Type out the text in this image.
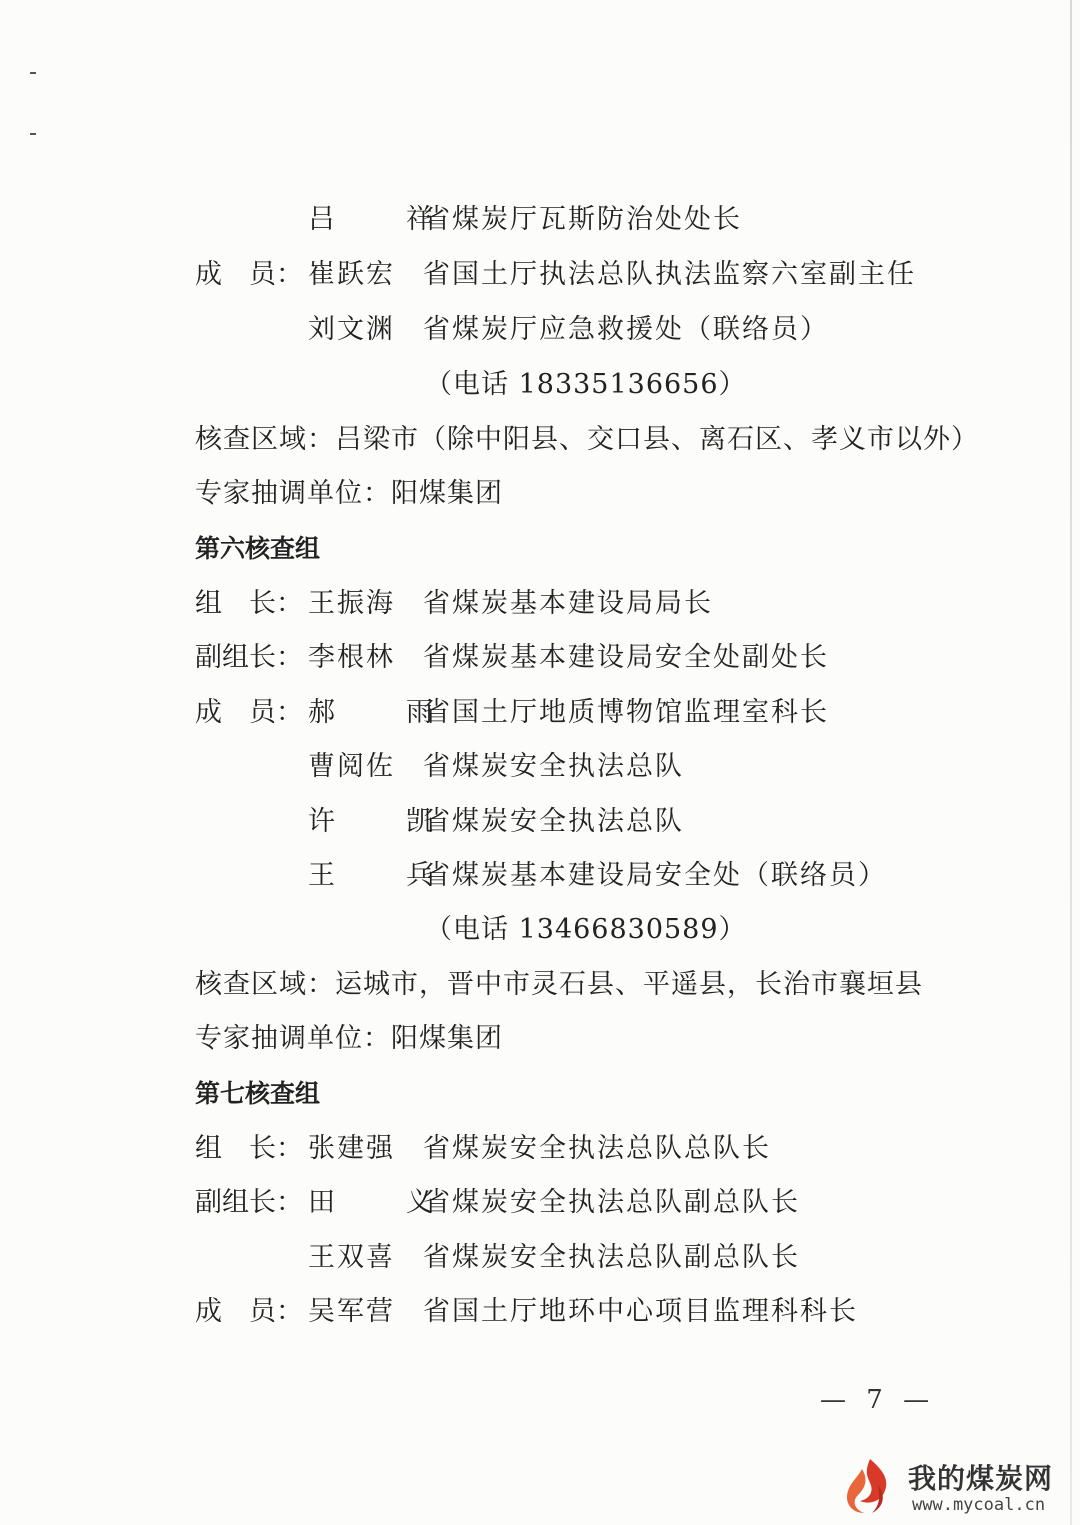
吕　祥
省煤炭厅瓦斯防治处处长
成　员： 崔跃宏 省国土厅执法总队执法监察六室副主任
刘文渊 省煤炭厅应急救援处（联络员）
（电话 18335136656）
核查区域：吕梁市（除中阳县、交口县、离石区、孝义市以外）
专家抽调单位：阳煤集团
第六核查组
组　长： 王振海 省煤炭基本建设局局长
副组长： 李根林 省煤炭基本建设局安全处副处长
成　员： 郝　雨
省国土厅地质博物馆监理室科长
曹阅佐 省煤炭安全执法总队
许　凯
省煤炭安全执法总队
王　兵
省煤炭基本建设局安全处（联络员）
（电话 13466830589）
核查区域：运城市，晋中市灵石县、平遥县，长治市襄垣县
专家抽调单位：阳煤集团
第七核查组
组　长： 张建强 省煤炭安全执法总队总队长
副组长： 田　义
省煤炭安全执法总队副总队长
王双喜 省煤炭安全执法总队副总队长
成　员： 吴军营 省国土厅地环中心项目监理科科长
— 7 —
我的煤炭网
www.mycoal.cn
